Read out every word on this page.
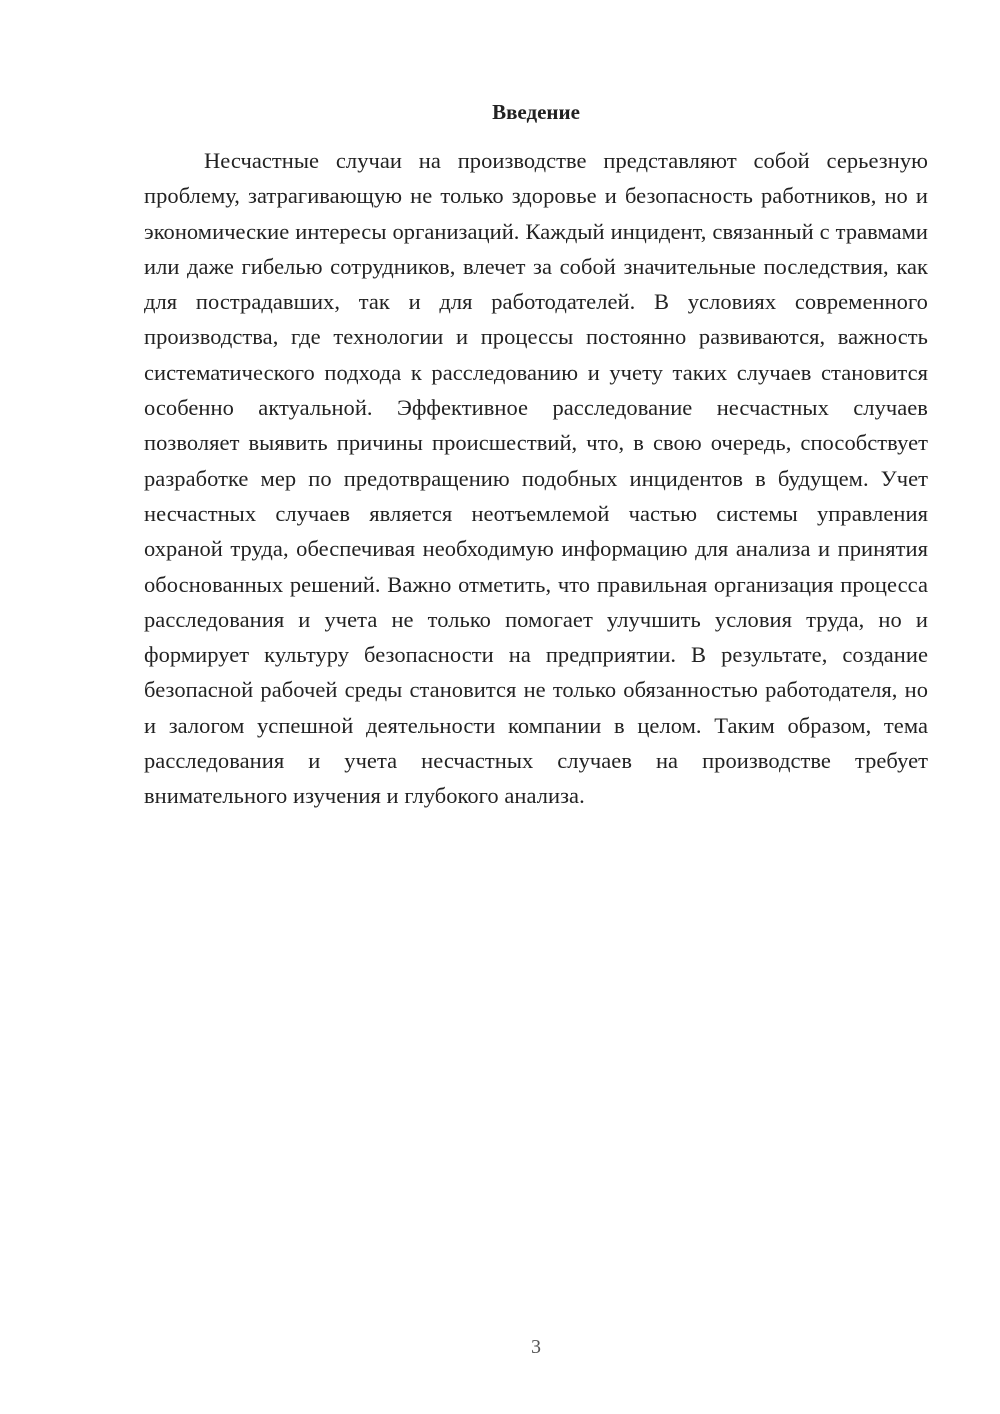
Введение

Несчастные случаи на производстве представляют собой серьезную проблему, затрагивающую не только здоровье и безопасность работников, но и экономические интересы организаций. Каждый инцидент, связанный с травмами или даже гибелью сотрудников, влечет за собой значительные последствия, как для пострадавших, так и для работодателей. В условиях современного производства, где технологии и процессы постоянно развиваются, важность систематического подхода к расследованию и учету таких случаев становится особенно актуальной. Эффективное расследование несчастных случаев позволяет выявить причины происшествий, что, в свою очередь, способствует разработке мер по предотвращению подобных инцидентов в будущем. Учет несчастных случаев является неотъемлемой частью системы управления охраной труда, обеспечивая необходимую информацию для анализа и принятия обоснованных решений. Важно отметить, что правильная организация процесса расследования и учета не только помогает улучшить условия труда, но и формирует культуру безопасности на предприятии. В результате, создание безопасной рабочей среды становится не только обязанностью работодателя, но и залогом успешной деятельности компании в целом. Таким образом, тема расследования и учета несчастных случаев на производстве требует внимательного изучения и глубокого анализа.

3
